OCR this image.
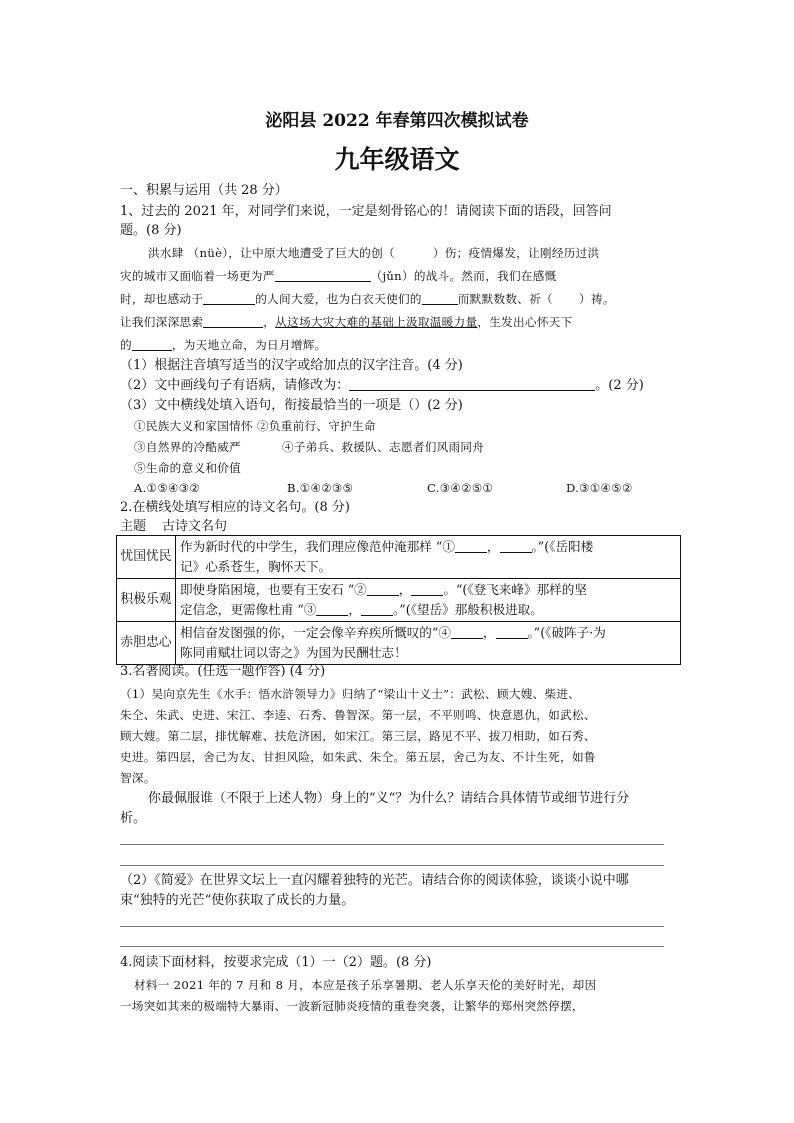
泌阳县 2022 年春第四次模拟试卷
九年级语文
一、积累与运用（共 28 分）
1、过去的 2021 年，对同学们来说，一定是刻骨铭心的！请阅读下面的语段，回答问
题。(8 分)
洪水肆 （nüè），让中原大地遭受了巨大的创（	）伤；疫情爆发，让刚经历过洪
灾的城市又面临着一场更为严	（jǔn）的战斗。然而，我们在感慨
时，却也感动于	的人间大爱，也为白衣天使们的	而默默数数、祈（ ）祷。
让我们深深思索	，从这场大灾大难的基础上汲取温暖力量，生发出心怀天下
的	，为天地立命，为日月增辉。
（1）根据注音填写适当的汉字或给加点的汉字注音。(4 分)
（2）文中画线句子有语病，请修改为：	。(2 分)
（3）文中横线处填入语句，衔接最恰当的一项是（）(2 分)
①民族大义和家国情怀 ②负重前行、守护生命
③自然界的冷酷威严	④子弟兵、救援队、志愿者们风雨同舟
⑤生命的意义和价值
A.①⑤④③②	B.①④②③⑤	C.③④②⑤①	D.③①④⑤②
2.在横线处填写相应的诗文名句。(8 分)
主题 古诗文名句
忧国忧民	作为新时代的中学生，我们理应像范仲淹那样 “① ， 。”(《岳阳楼
记》心系苍生，胸怀天下。

积极乐观	即使身陷困境，也要有王安石 “② ， 。“(《登飞来峰》那样的坚
定信念，更需像杜甫 “③ ， 。”(《望岳》那般积极进取。

赤胆忠心	相信奋发图强的你，一定会像辛弃疾所慨叹的“④ ， 。”(《破阵子·为
陈同甫赋壮词以寄之》为国为民酬壮志！
3.名著阅读。(任选一题作答) (4 分)
（1）吴向京先生《水手：悟水浒领导力》归纳了“梁山十义士”：武松、顾大嫂、柴进、
朱仝、朱武、史进、宋江、李逵、石秀、鲁智深。第一层，不平则鸣、快意恩仇，如武松、
顾大嫂。第二层，排忧解难、扶危济困，如宋江。第三层，路见不平、拔刀相助，如石秀、
史进。第四层，舍己为友、甘担风险，如朱武、朱仝。第五层，舍己为友、不计生死，如鲁
智深。
你最佩服谁（不限于上述人物）身上的“义“？为什么？请结合具体情节或细节进行分
析。
（2）《简爱》在世界文坛上一直闪耀着独特的光芒。请结合你的阅读体验，谈谈小说中哪
束“独特的光芒“使你获取了成长的力量。
4.阅读下面材料，按要求完成（1）一（2）题。(8 分)
材料一 2021 年的 7 月和 8 月，本应是孩子乐享暑期、老人乐享天伦的美好时光，却因
一场突如其来的极端特大暴雨、一波新冠肺炎疫情的重卷突袭，让繁华的郑州突然停摆，
